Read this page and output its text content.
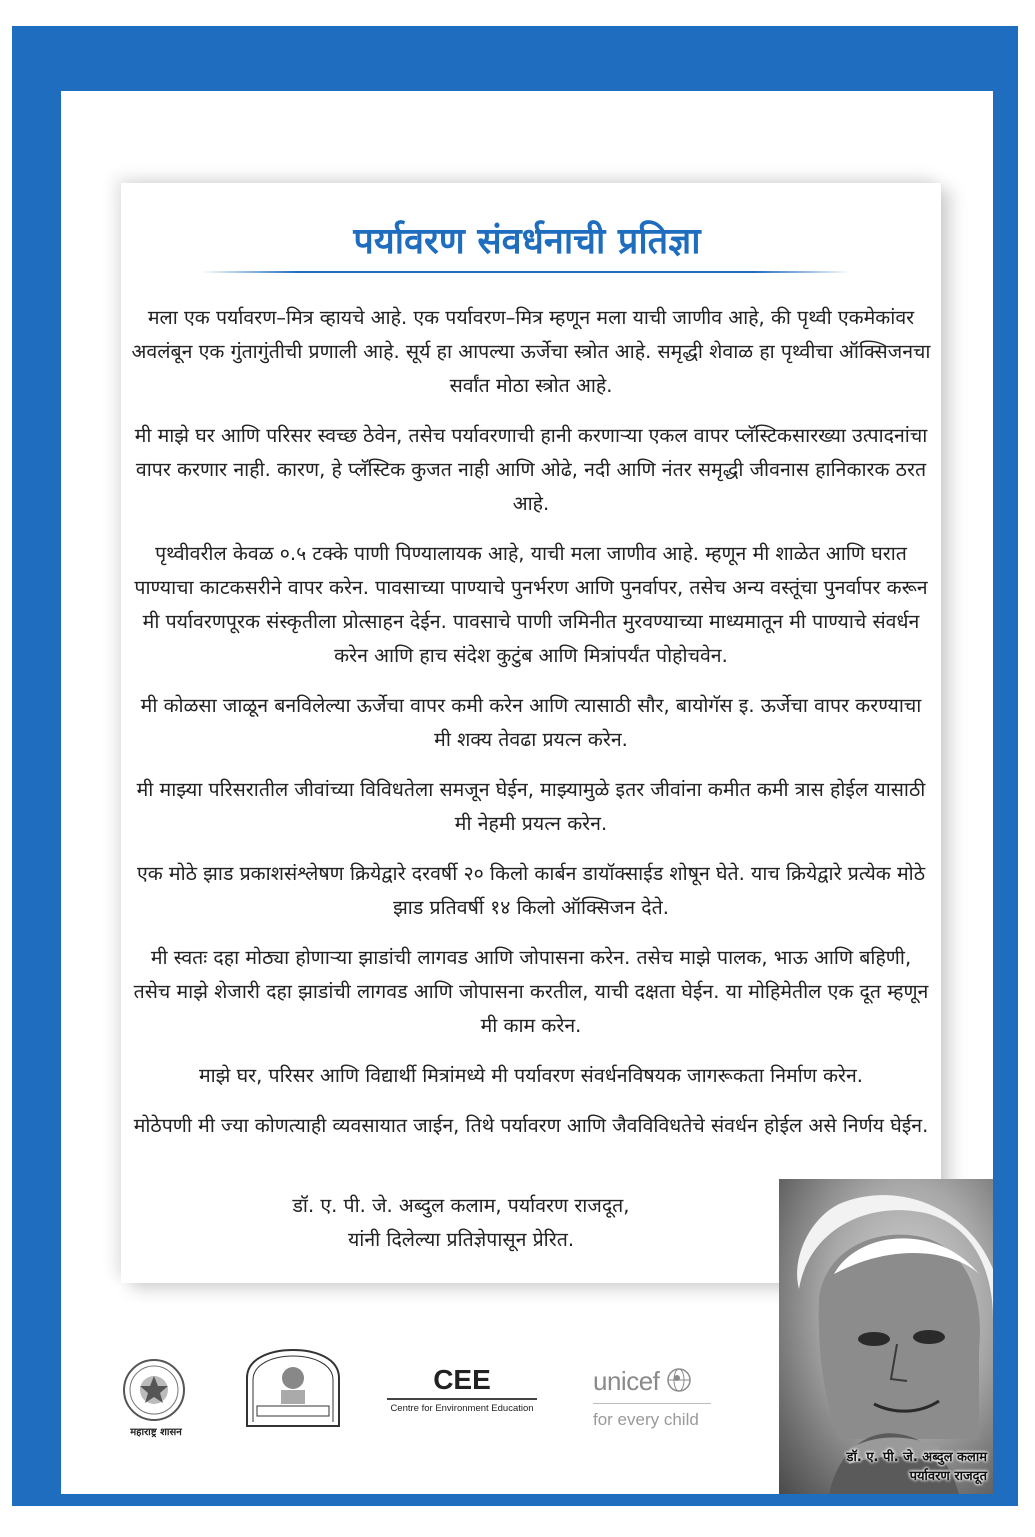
पर्यावरण संवर्धनाची प्रतिज्ञा

मला एक पर्यावरण–मित्र व्हायचे आहे. एक पर्यावरण–मित्र म्हणून मला याची जाणीव आहे, की पृथ्वी एकमेकांवर अवलंबून एक गुंतागुंतीची प्रणाली आहे. सूर्य हा आपल्या ऊर्जेचा स्त्रोत आहे. समृद्धी शेवाळ हा पृथ्वीचा ऑक्सिजनचा सर्वांत मोठा स्त्रोत आहे.

मी माझे घर आणि परिसर स्वच्छ ठेवेन, तसेच पर्यावरणाची हानी करणाऱ्या एकल वापर प्लॅस्टिकसारख्या उत्पादनांचा वापर करणार नाही. कारण, हे प्लॅस्टिक कुजत नाही आणि ओढे, नदी आणि नंतर समृद्धी जीवनास हानिकारक ठरत आहे.

पृथ्वीवरील केवळ ०.५ टक्के पाणी पिण्यालायक आहे, याची मला जाणीव आहे. म्हणून मी शाळेत आणि घरात पाण्याचा काटकसरीने वापर करेन. पावसाच्या पाण्याचे पुनर्भरण आणि पुनर्वापर, तसेच अन्य वस्तूंचा पुनर्वापर करून मी पर्यावरणपूरक संस्कृतीला प्रोत्साहन देईन. पावसाचे पाणी जमिनीत मुरवण्याच्या माध्यमातून मी पाण्याचे संवर्धन करेन आणि हाच संदेश कुटुंब आणि मित्रांपर्यंत पोहोचवेन.

मी कोळसा जाळून बनविलेल्या ऊर्जेचा वापर कमी करेन आणि त्यासाठी सौर, बायोगॅस इ. ऊर्जेचा वापर करण्याचा मी शक्य तेवढा प्रयत्न करेन.

मी माझ्या परिसरातील जीवांच्या विविधतेला समजून घेईन, माझ्यामुळे इतर जीवांना कमीत कमी त्रास होईल यासाठी मी नेहमी प्रयत्न करेन.

एक मोठे झाड प्रकाशसंश्लेषण क्रियेद्वारे दरवर्षी २० किलो कार्बन डायॉक्साईड शोषून घेते. याच क्रियेद्वारे प्रत्येक मोठे झाड प्रतिवर्षी १४ किलो ऑक्सिजन देते.

मी स्वतः दहा मोठ्या होणाऱ्या झाडांची लागवड आणि जोपासना करेन. तसेच माझे पालक, भाऊ आणि बहिणी, तसेच माझे शेजारी दहा झाडांची लागवड आणि जोपासना करतील, याची दक्षता घेईन. या मोहिमेतील एक दूत म्हणून मी काम करेन.

माझे घर, परिसर आणि विद्यार्थी मित्रांमध्ये मी पर्यावरण संवर्धनविषयक जागरूकता निर्माण करेन.

मोठेपणी मी ज्या कोणत्याही व्यवसायात जाईन, तिथे पर्यावरण आणि जैवविविधतेचे संवर्धन होईल असे निर्णय घेईन.

डॉ. ए. पी. जे. अब्दुल कलाम, पर्यावरण राजदूत,
यांनी दिलेल्या प्रतिज्ञेपासून प्रेरित.
डॉ. ए. पी. जे. अब्दुल कलाम
पर्यावरण राजदूत
महाराष्ट्र शासन
CEE
Centre for Environment Education
unicef
for every child
